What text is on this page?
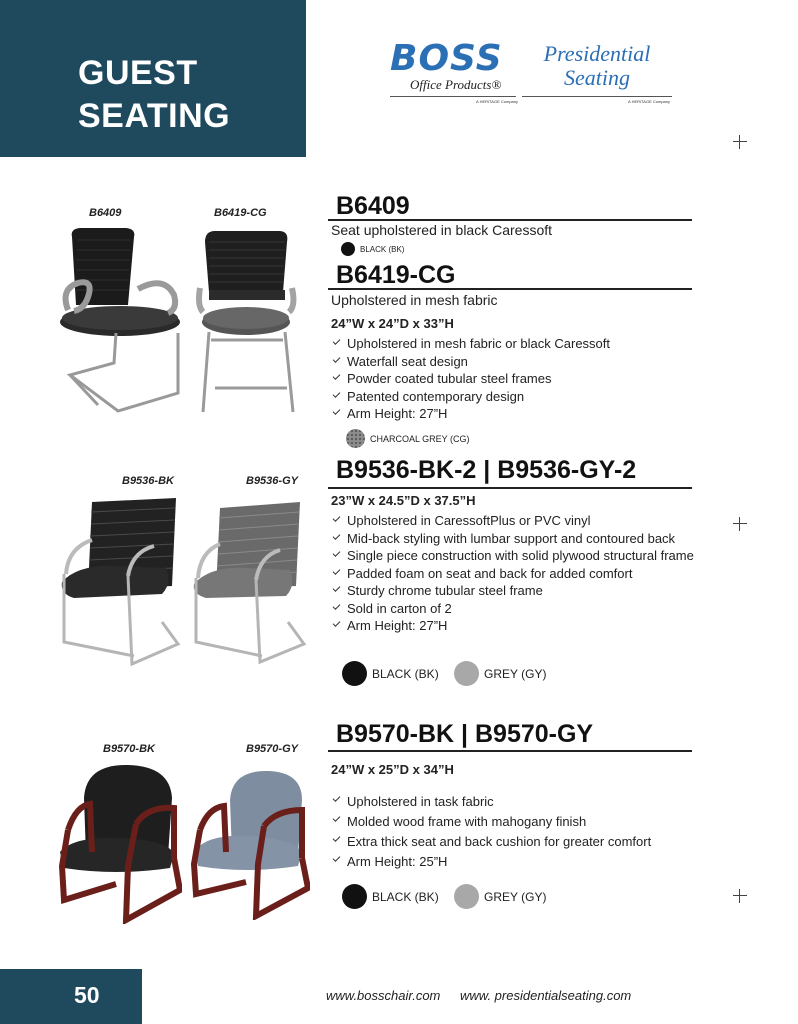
GUEST
SEATING
BOSS
Office Products®
A HERITAGE Company
Presidential
Seating
A HERITAGE Company
B6409	B6419-CG	B6409
Seat upholstered in black Caressoft
BLACK (BK)
B6419-CG
Upholstered in mesh fabric
24”W x 24”D x 33”H
Upholstered in mesh fabric or black Caressoft
Waterfall seat design
Powder coated tubular steel frames
Patented contemporary design
Arm Height: 27”H
CHARCOAL GREY (CG)
B9536-BK	B9536-GY B9536-BK-2 | B9536-GY-2
23”W x 24.5”D x 37.5”H
Upholstered in CaressoftPlus or PVC vinyl
Mid-back styling with lumbar support and contoured back
Single piece construction with solid plywood structural frame
Padded foam on seat and back for added comfort
Sturdy chrome tubular steel frame
Sold in carton of 2
Arm Height: 27”H
BLACK (BK)	GREY (GY)
B9570-BK	B9570-GY
B9570-BK | B9570-GY
24”W x 25”D x 34”H
Upholstered in task fabric
Molded wood frame with mahogany finish
Extra thick seat and back cushion for greater comfort
Arm Height: 25”H
BLACK (BK)	GREY (GY)
50	www.bosschair.com www. presidentialseating.com
